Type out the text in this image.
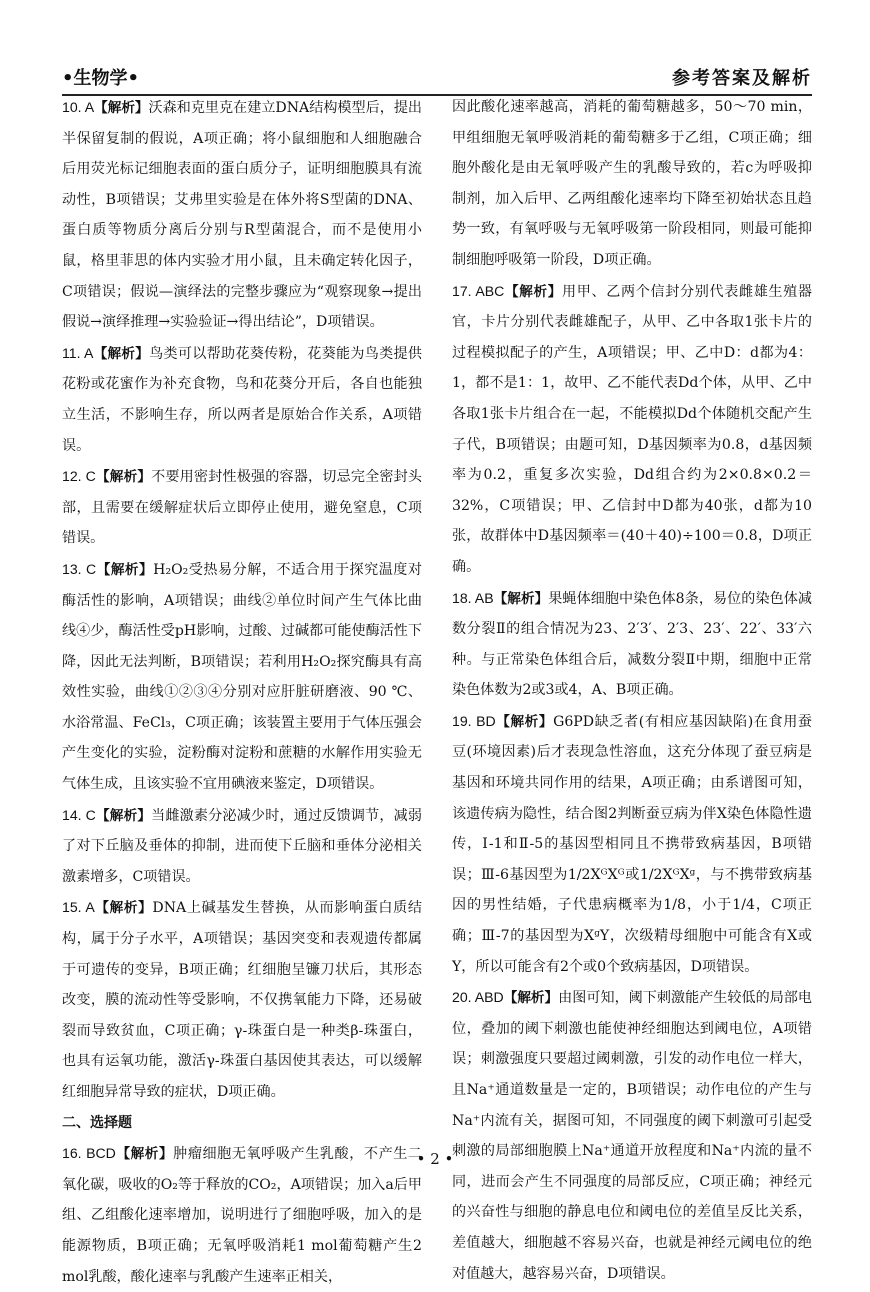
•生物学•	参考答案及解析

10. A【解析】沃森和克里克在建立DNA结构模型后，提出半保留复制的假说，A项正确；将小鼠细胞和人细胞融合后用荧光标记细胞表面的蛋白质分子，证明细胞膜具有流动性，B项错误；艾弗里实验是在体外将S型菌的DNA、蛋白质等物质分离后分别与R型菌混合，而不是使用小鼠，格里菲思的体内实验才用小鼠，且未确定转化因子，C项错误；假说—演绎法的完整步骤应为“观察现象→提出假说→演绎推理→实验验证→得出结论”，D项错误。

11. A【解析】鸟类可以帮助花葵传粉，花葵能为鸟类提供花粉或花蜜作为补充食物，鸟和花葵分开后，各自也能独立生活，不影响生存，所以两者是原始合作关系，A项错误。

12. C【解析】不要用密封性极强的容器，切忌完全密封头部，且需要在缓解症状后立即停止使用，避免窒息，C项错误。

13. C【解析】H₂O₂受热易分解，不适合用于探究温度对酶活性的影响，A项错误；曲线②单位时间产生气体比曲线④少，酶活性受pH影响，过酸、过碱都可能使酶活性下降，因此无法判断，B项错误；若利用H₂O₂探究酶具有高效性实验，曲线①②③④分别对应肝脏研磨液、90 ℃、水浴常温、FeCl₃，C项正确；该装置主要用于气体压强会产生变化的实验，淀粉酶对淀粉和蔗糖的水解作用实验无气体生成，且该实验不宜用碘液来鉴定，D项错误。

14. C【解析】当雌激素分泌减少时，通过反馈调节，减弱了对下丘脑及垂体的抑制，进而使下丘脑和垂体分泌相关激素增多，C项错误。

15. A【解析】DNA上碱基发生替换，从而影响蛋白质结构，属于分子水平，A项错误；基因突变和表观遗传都属于可遗传的变异，B项正确；红细胞呈镰刀状后，其形态改变，膜的流动性等受影响，不仅携氧能力下降，还易破裂而导致贫血，C项正确；γ-珠蛋白是一种类β-珠蛋白，也具有运氧功能，激活γ-珠蛋白基因使其表达，可以缓解红细胞异常导致的症状，D项正确。

二、选择题

16. BCD【解析】肿瘤细胞无氧呼吸产生乳酸，不产生二氧化碳，吸收的O₂等于释放的CO₂，A项错误；加入a后甲组、乙组酸化速率增加，说明进行了细胞呼吸，加入的是能源物质，B项正确；无氧呼吸消耗1 mol葡萄糖产生2 mol乳酸，酸化速率与乳酸产生速率正相关，

因此酸化速率越高，消耗的葡萄糖越多，50～70 min，甲组细胞无氧呼吸消耗的葡萄糖多于乙组，C项正确；细胞外酸化是由无氧呼吸产生的乳酸导致的，若c为呼吸抑制剂，加入后甲、乙两组酸化速率均下降至初始状态且趋势一致，有氧呼吸与无氧呼吸第一阶段相同，则最可能抑制细胞呼吸第一阶段，D项正确。

17. ABC【解析】用甲、乙两个信封分别代表雌雄生殖器官，卡片分别代表雌雄配子，从甲、乙中各取1张卡片的过程模拟配子的产生，A项错误；甲、乙中D：d都为4：1，都不是1：1，故甲、乙不能代表Dd个体，从甲、乙中各取1张卡片组合在一起，不能模拟Dd个体随机交配产生子代，B项错误；由题可知，D基因频率为0.8，d基因频率为0.2，重复多次实验，Dd组合约为2×0.8×0.2＝32%，C项错误；甲、乙信封中D都为40张，d都为10张，故群体中D基因频率＝(40＋40)÷100＝0.8，D项正确。

18. AB【解析】果蝇体细胞中染色体8条，易位的染色体减数分裂Ⅱ的组合情况为23、2′3′、2′3、23′、22′、33′六种。与正常染色体组合后，减数分裂Ⅱ中期，细胞中正常染色体数为2或3或4，A、B项正确。

19. BD【解析】G6PD缺乏者(有相应基因缺陷)在食用蚕豆(环境因素)后才表现急性溶血，这充分体现了蚕豆病是基因和环境共同作用的结果，A项正确；由系谱图可知，该遗传病为隐性，结合图2判断蚕豆病为伴X染色体隐性遗传，Ⅰ-1和Ⅱ-5的基因型相同且不携带致病基因，B项错误；Ⅲ-6基因型为1/2XᴳXᴳ或1/2XᴳXᵍ，与不携带致病基因的男性结婚，子代患病概率为1/8，小于1/4，C项正确；Ⅲ-7的基因型为XᵍY，次级精母细胞中可能含有X或Y，所以可能含有2个或0个致病基因，D项错误。

20. ABD【解析】由图可知，阈下刺激能产生较低的局部电位，叠加的阈下刺激也能使神经细胞达到阈电位，A项错误；刺激强度只要超过阈刺激，引发的动作电位一样大，且Na⁺通道数量是一定的，B项错误；动作电位的产生与Na⁺内流有关，据图可知，不同强度的阈下刺激可引起受刺激的局部细胞膜上Na⁺通道开放程度和Na⁺内流的量不同，进而会产生不同强度的局部反应，C项正确；神经元的兴奋性与细胞的静息电位和阈电位的差值呈反比关系，差值越大，细胞越不容易兴奋，也就是神经元阈电位的绝对值越大，越容易兴奋，D项错误。

• 2 •
